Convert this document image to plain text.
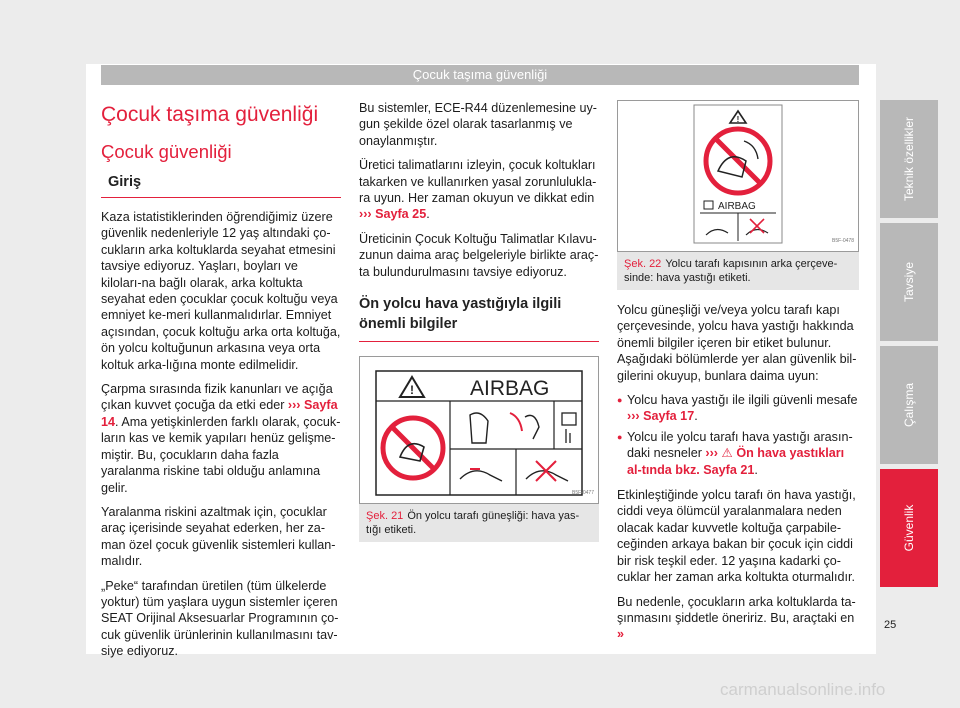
Çocuk taşıma güvenliği
Çocuk taşıma güvenliği
Çocuk güvenliği
Giriş

Kaza istatistiklerinden öğrendiğimiz üzere güvenlik nedenleriyle 12 yaş altındaki ço-cukların arka koltuklarda seyahat etmesini tavsiye ediyoruz. Yaşları, boyları ve kiloları-na bağlı olarak, arka koltukta seyahat eden çocuklar çocuk koltuğu veya emniyet ke-meri kullanmalıdırlar. Emniyet açısından, çocuk koltuğu arka orta koltuğa, ön yolcu koltuğunun arkasına veya orta koltuk arka-lığına monte edilmelidir.

Çarpma sırasında fizik kanunları ve açığa çıkan kuvvet çocuğa da etki eder ››› Sayfa 14. Ama yetişkinlerden farklı olarak, çocuk-ların kas ve kemik yapıları henüz gelişme-miştir. Bu, çocukların daha fazla yaralanma riskine tabi olduğu anlamına gelir.

Yaralanma riskini azaltmak için, çocuklar araç içerisinde seyahat ederken, her za-man özel çocuk güvenlik sistemleri kullan-malıdır.

„Peke“ tarafından üretilen (tüm ülkelerde yoktur) tüm yaşlara uygun sistemler içeren SEAT Orijinal Aksesuarlar Programının ço-cuk güvenlik ürünlerinin kullanılmasını tav-siye ediyoruz.

Bu sistemler, ECE-R44 düzenlemesine uy-gun şekilde özel olarak tasarlanmış ve onaylanmıştır.

Üretici talimatlarını izleyin, çocuk koltukları takarken ve kullanırken yasal zorunlulukla-ra uyun. Her zaman okuyun ve dikkat edin
››› Sayfa 25.

Üreticinin Çocuk Koltuğu Talimatlar Kılavu-zunun daima araç belgeleriyle birlikte araç-ta bulundurulmasını tavsiye ediyoruz.

Ön yolcu hava yastığıyla ilgili önemli bilgiler
!	AIRBAG
B5F-0477
Şek. 21 Ön yolcu tarafı güneşliği: hava yas-tığı etiketi.
!
AIRBAG
B5F-0478
Şek. 22 Yolcu tarafı kapısının arka çerçeve-sinde: hava yastığı etiketi.

Yolcu güneşliği ve/veya yolcu tarafı kapı çerçevesinde, yolcu hava yastığı hakkında önemli bilgiler içeren bir etiket bulunur. Aşağıdaki bölümlerde yer alan güvenlik bil-gilerini okuyup, bunlara daima uyun:

● Yolcu hava yastığı ile ilgili güvenli mesafe ››› Sayfa 17.
● Yolcu ile yolcu tarafı hava yastığı arasın-daki nesneler ››› ⚠ Ön hava yastıkları al-tında bkz. Sayfa 21.

Etkinleştiğinde yolcu tarafı ön hava yastığı, ciddi veya ölümcül yaralanmalara neden olacak kadar kuvvetle koltuğa çarpabile-ceğinden arkaya bakan bir çocuk için ciddi bir risk teşkil eder. 12 yaşına kadarki ço-cuklar her zaman arka koltukta oturmalıdır.

Bu nedenle, çocukların arka koltuklarda ta-şınmasını şiddetle öneririz. Bu, araçtaki en »

Teknik özellikler
Tavsiye
Çalışma
Güvenlik
25
carmanualsonline.info
